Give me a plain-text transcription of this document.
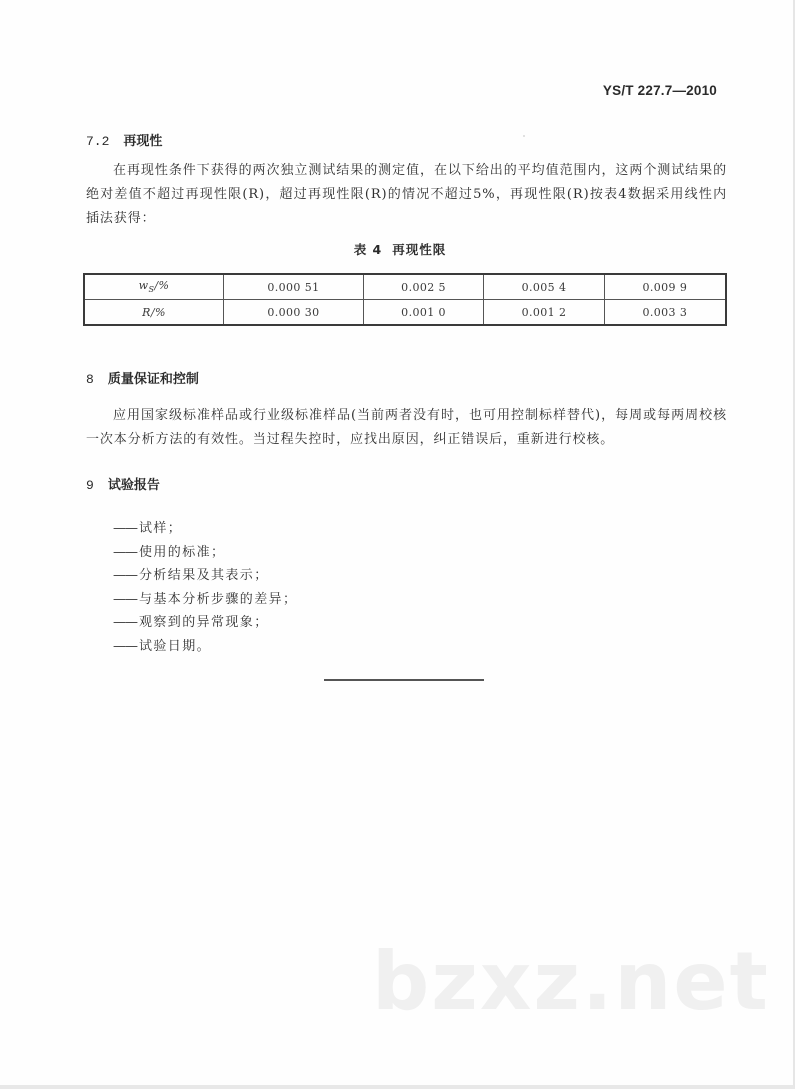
YS/T 227.7—2010
7.2 再现性

在再现性条件下获得的两次独立测试结果的测定值，在以下给出的平均值范围内，这两个测试结果的绝对差值不超过再现性限(R)，超过再现性限(R)的情况不超过5%，再现性限(R)按表4数据采用线性内插法获得：

表 4 再现性限
$w_S/\%$	0.000 51	0.002 5	0.005 4	0.009 9
R/%	0.000 30	0.001 0	0.001 2	0.003 3
8 质量保证和控制

应用国家级标准样品或行业级标准样品(当前两者没有时，也可用控制标样替代)，每周或每两周校核一次本分析方法的有效性。当过程失控时，应找出原因，纠正错误后，重新进行校核。

9 试验报告
—— 试样；
—— 使用的标准；
—— 分析结果及其表示；
—— 与基本分析步骤的差异；
—— 观察到的异常现象；
—— 试验日期。
bzxz.net
